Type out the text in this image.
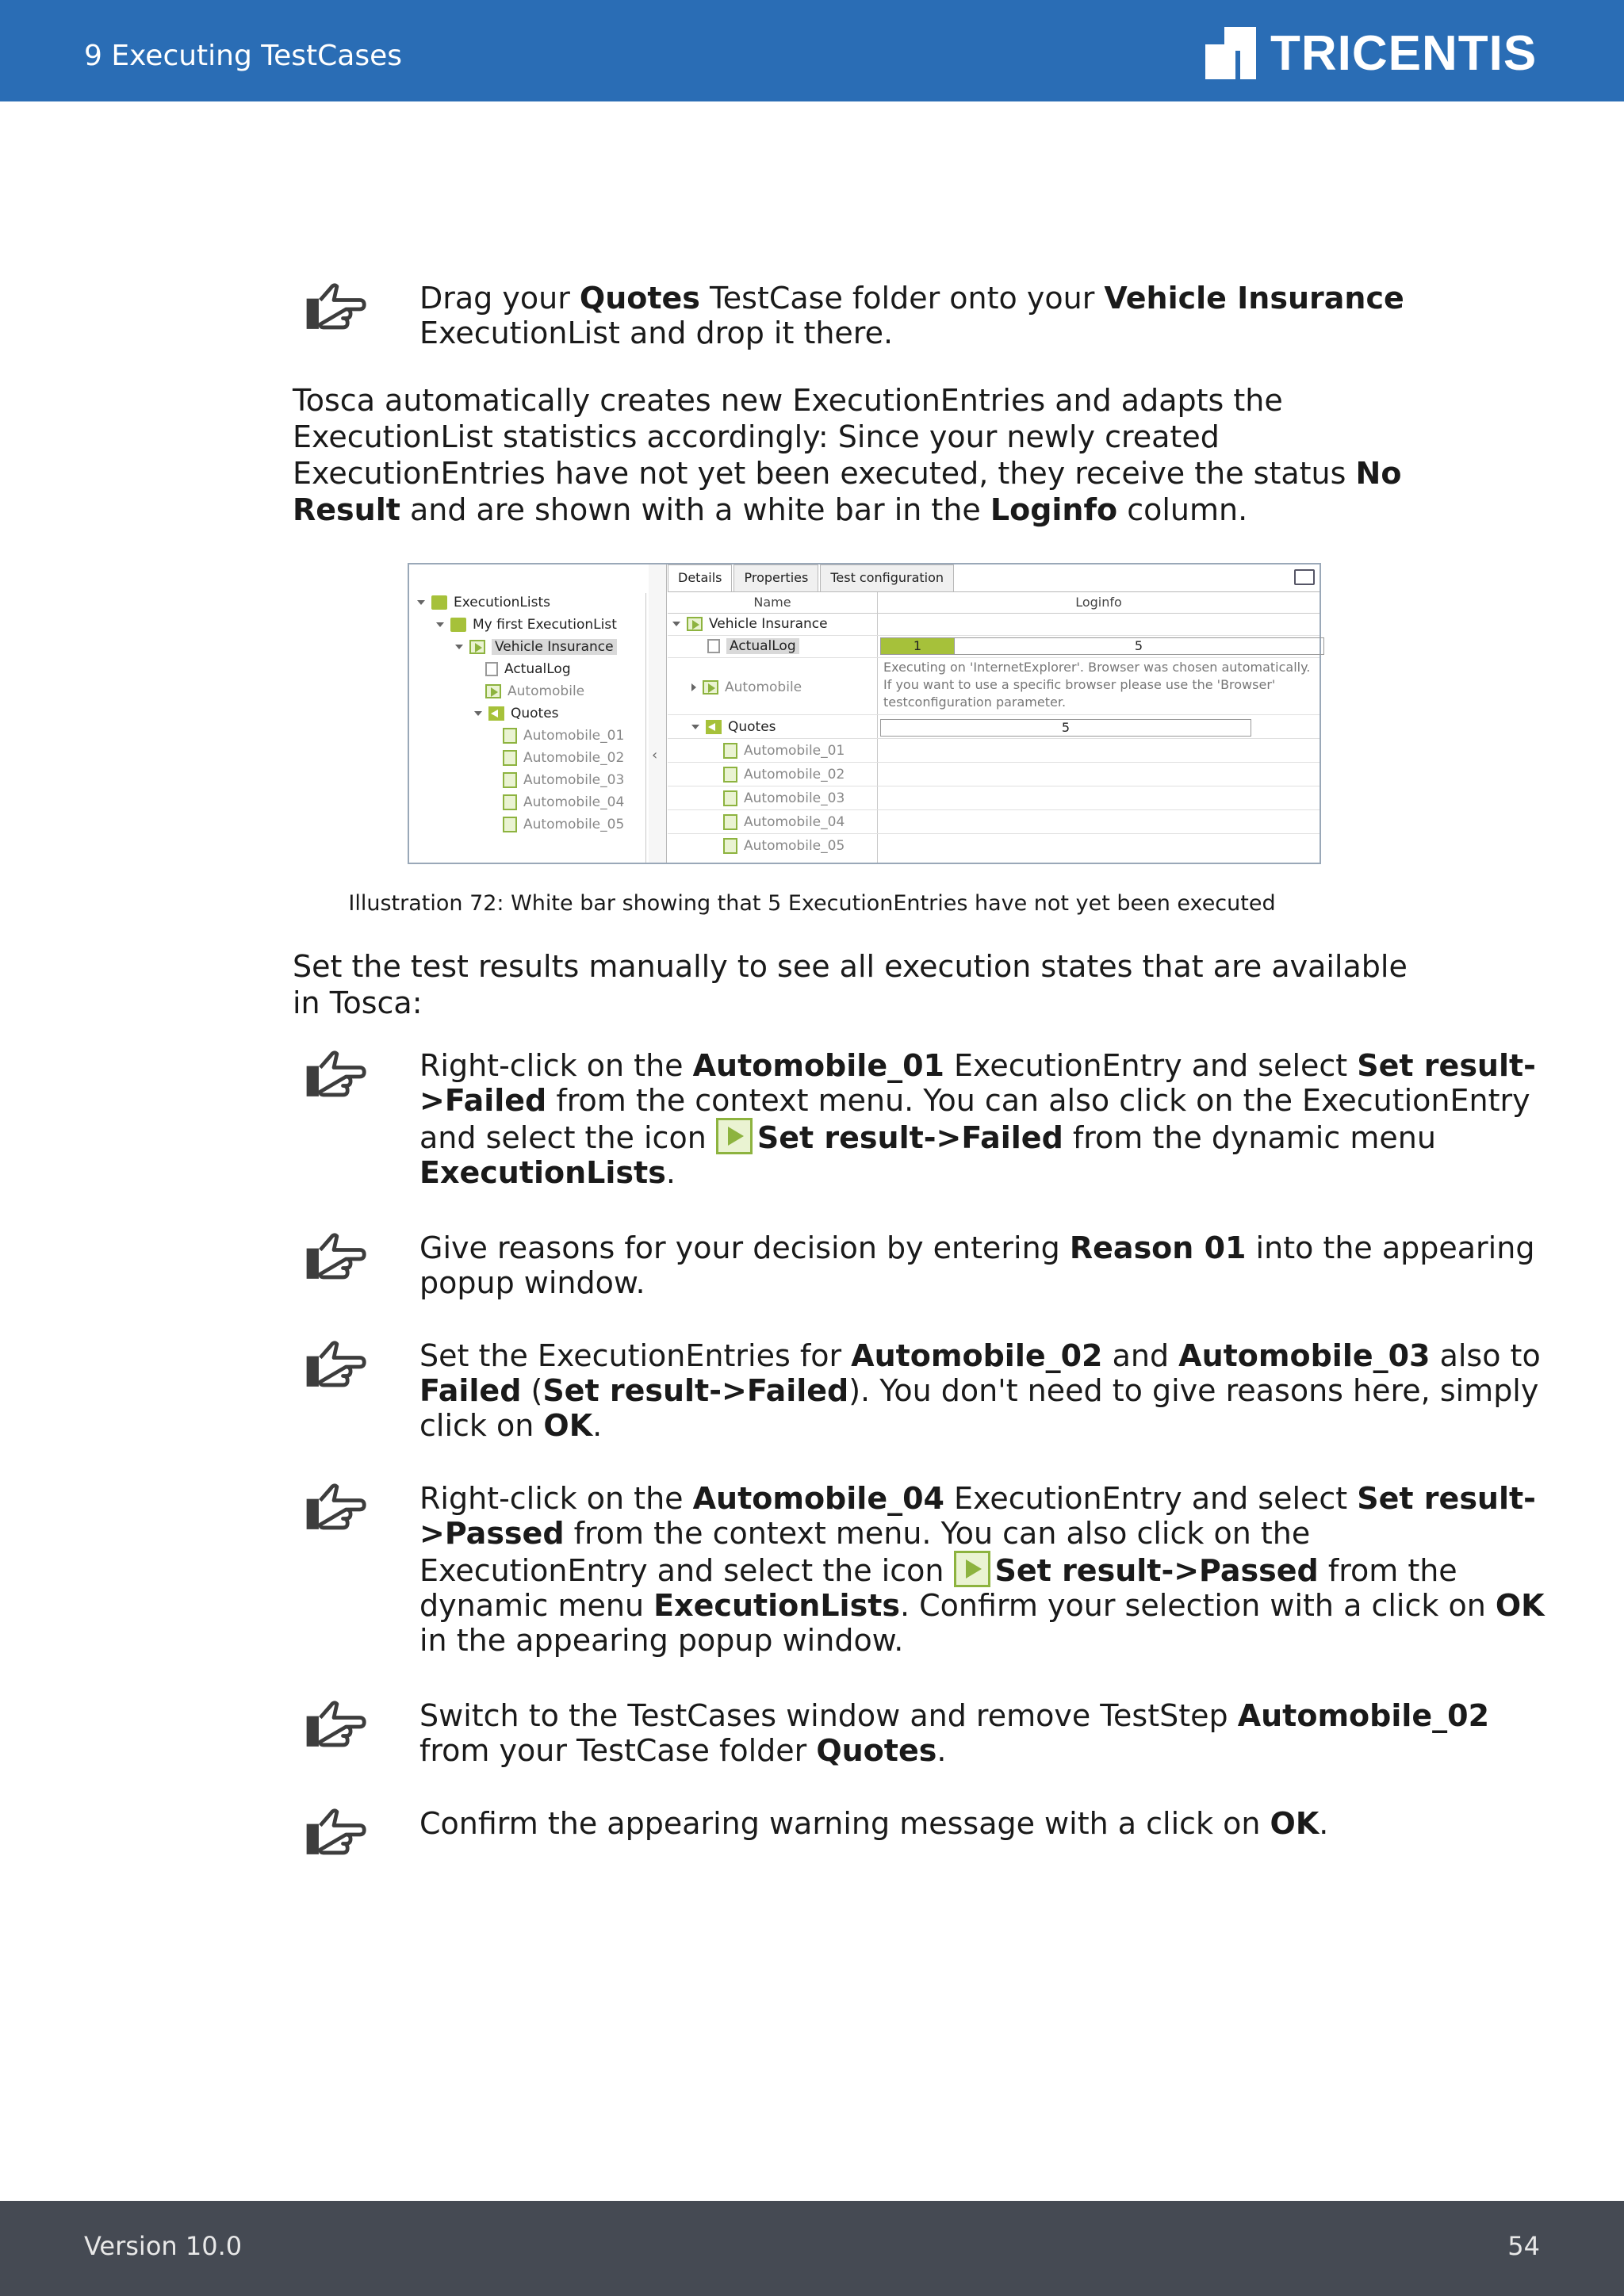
9 Executing TestCases	TRICENTIS
Drag your Quotes TestCase folder onto your Vehicle Insurance ExecutionList and drop it there.
Tosca automatically creates new ExecutionEntries and adapts the ExecutionList statistics accordingly: Since your newly created ExecutionEntries have not yet been executed, they receive the status No Result and are shown with a white bar in the Loginfo column.
ExecutionLists
My first ExecutionList
Vehicle Insurance
ActualLog
Automobile
Quotes
Automobile_01
Automobile_02
Automobile_03
Automobile_04
Automobile_05
‹
Details	Properties	Test configuration
Name	Loginfo
Vehicle Insurance
ActualLog	1	5
Automobile
Executing on 'InternetExplorer'. Browser was chosen automatically.
If you want to use a specific browser please use the 'Browser'
testconfiguration parameter.
Quotes	5
Automobile_01
Automobile_02
Automobile_03
Automobile_04
Automobile_05
Illustration 72: White bar showing that 5 ExecutionEntries have not yet been executed
Set the test results manually to see all execution states that are available in Tosca:
Right-click on the Automobile_01 ExecutionEntry and select Set result->Failed from the context menu. You can also click on the ExecutionEntry and select the icon Set result->Failed from the dynamic menu ExecutionLists.
Give reasons for your decision by entering Reason 01 into the appearing popup window.
Set the ExecutionEntries for Automobile_02 and Automobile_03 also to Failed (Set result->Failed). You don't need to give reasons here, simply click on OK.
Right-click on the Automobile_04 ExecutionEntry and select Set result->Passed from the context menu. You can also click on the ExecutionEntry and select the icon Set result->Passed from the dynamic menu ExecutionLists. Confirm your selection with a click on OK in the appearing popup window.
Switch to the TestCases window and remove TestStep Automobile_02 from your TestCase folder Quotes.
Confirm the appearing warning message with a click on OK.
Version 10.0	54
